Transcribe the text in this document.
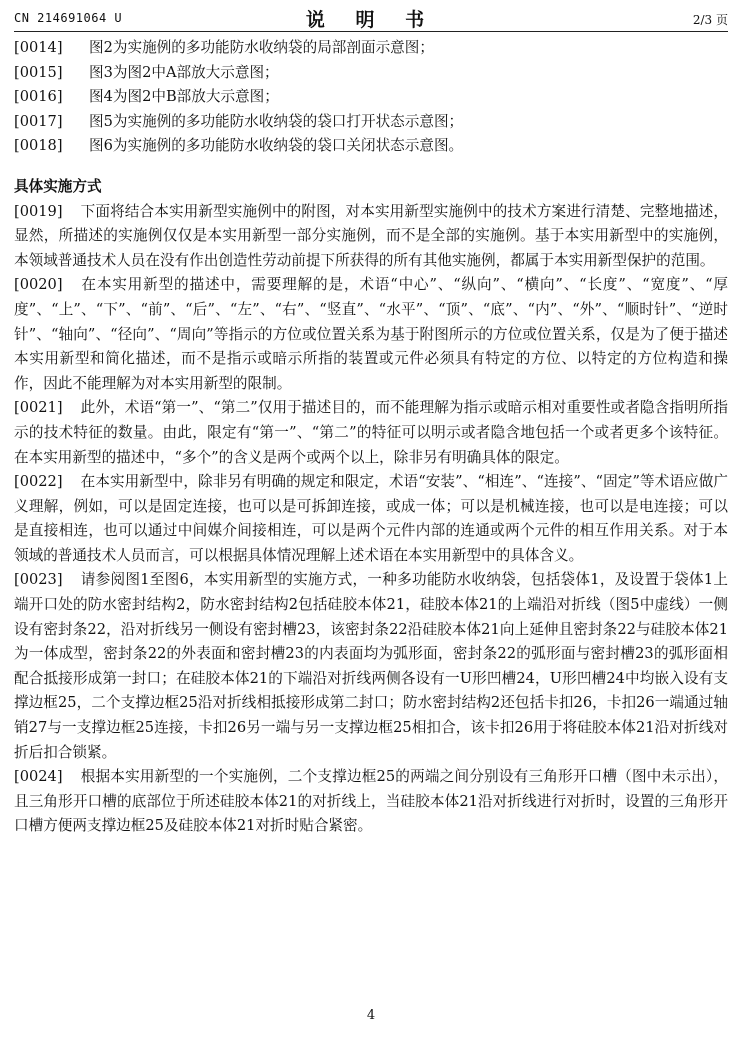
CN 214691064 U	说 明 书	2/3 页
[0014] 图2为实施例的多功能防水收纳袋的局部剖面示意图；
[0015] 图3为图2中A部放大示意图；
[0016] 图4为图2中B部放大示意图；
[0017] 图5为实施例的多功能防水收纳袋的袋口打开状态示意图；
[0018] 图6为实施例的多功能防水收纳袋的袋口关闭状态示意图。
具体实施方式
[0019] 下面将结合本实用新型实施例中的附图，对本实用新型实施例中的技术方案进行清楚、完整地描述，显然，所描述的实施例仅仅是本实用新型一部分实施例，而不是全部的实施例。基于本实用新型中的实施例，本领域普通技术人员在没有作出创造性劳动前提下所获得的所有其他实施例，都属于本实用新型保护的范围。
[0020] 在本实用新型的描述中，需要理解的是，术语“中心”、“纵向”、“横向”、“长度”、“宽度”、“厚度”、“上”、“下”、“前”、“后”、“左”、“右”、“竖直”、“水平”、“顶”、“底”、“内”、“外”、“顺时针”、“逆时针”、“轴向”、“径向”、“周向”等指示的方位或位置关系为基于附图所示的方位或位置关系，仅是为了便于描述本实用新型和简化描述，而不是指示或暗示所指的装置或元件必须具有特定的方位、以特定的方位构造和操作，因此不能理解为对本实用新型的限制。
[0021] 此外，术语“第一”、“第二”仅用于描述目的，而不能理解为指示或暗示相对重要性或者隐含指明所指示的技术特征的数量。由此，限定有“第一”、“第二”的特征可以明示或者隐含地包括一个或者更多个该特征。在本实用新型的描述中，“多个”的含义是两个或两个以上，除非另有明确具体的限定。
[0022] 在本实用新型中，除非另有明确的规定和限定，术语“安装”、“相连”、“连接”、“固定”等术语应做广义理解，例如，可以是固定连接，也可以是可拆卸连接，或成一体；可以是机械连接，也可以是电连接；可以是直接相连，也可以通过中间媒介间接相连，可以是两个元件内部的连通或两个元件的相互作用关系。对于本领域的普通技术人员而言，可以根据具体情况理解上述术语在本实用新型中的具体含义。
[0023] 请参阅图1至图6，本实用新型的实施方式，一种多功能防水收纳袋，包括袋体1，及设置于袋体1上端开口处的防水密封结构2，防水密封结构2包括硅胶本体21，硅胶本体21的上端沿对折线（图5中虚线）一侧设有密封条22，沿对折线另一侧设有密封槽23，该密封条22沿硅胶本体21向上延伸且密封条22与硅胶本体21为一体成型，密封条22的外表面和密封槽23的内表面均为弧形面，密封条22的弧形面与密封槽23的弧形面相配合抵接形成第一封口；在硅胶本体21的下端沿对折线两侧各设有一U形凹槽24，U形凹槽24中均嵌入设有支撑边框25，二个支撑边框25沿对折线相抵接形成第二封口；防水密封结构2还包括卡扣26，卡扣26一端通过轴销27与一支撑边框25连接，卡扣26另一端与另一支撑边框25相扣合，该卡扣26用于将硅胶本体21沿对折线对折后扣合锁紧。
[0024] 根据本实用新型的一个实施例，二个支撑边框25的两端之间分别设有三角形开口槽（图中未示出），且三角形开口槽的底部位于所述硅胶本体21的对折线上，当硅胶本体21沿对折线进行对折时，设置的三角形开口槽方便两支撑边框25及硅胶本体21对折时贴合紧密。
4
